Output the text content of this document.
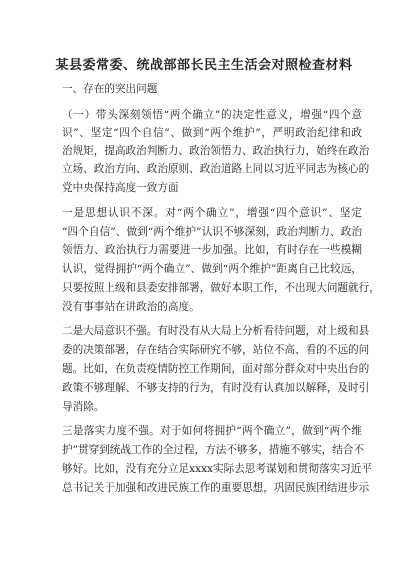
某县委常委、统战部部长民主生活会对照检查材料
一、存在的突出问题
（一）带头深刻领悟“两个确立”的决定性意义，增强“四个意
识”、坚定“四个自信”、做到“两个维护”，严明政治纪律和政
治规矩，提高政治判断力、政治领悟力、政治执行力，始终在政治
立场、政治方向、政治原则、政治道路上同以习近平同志为核心的
党中央保持高度一致方面
一是思想认识不深。对“两个确立”，增强“四个意识”、坚定
“四个自信”、做到“两个维护”认识不够深刻，政治判断力、政治
领悟力、政治执行力需要进一步加强。比如，有时存在一些模糊
认识，觉得拥护“两个确立”、做到“两个维护”距离自己比较远，
只要按照上级和县委安排部署，做好本职工作，不出现大问题就行，
没有事事站在讲政治的高度。
二是大局意识不强。有时没有从大局上分析看待问题，对上级和县
委的决策部署，存在结合实际研究不够，站位不高、看的不远的问
题。比如，在负责疫情防控工作期间，面对部分群众对中央出台的
政策不够理解、不够支持的行为，有时没有认真加以解释，及时引
导消除。
三是落实力度不强。对于如何将拥护“两个确立”，做到“两个维
护”贯穿到统战工作的全过程，方法不够多，措施不够实，结合不
够好。比如，没有充分立足xxxx实际去思考谋划和贯彻落实习近平
总书记关于加强和改进民族工作的重要思想，巩固民族团结进步示
